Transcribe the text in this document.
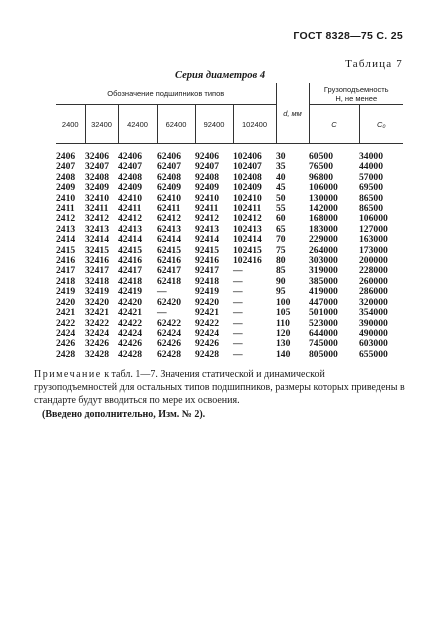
ГОСТ 8328—75 С. 25
Таблица 7
Серия диаметров 4
Обозначение подшипников типов						d, мм	Грузоподъемность
Н, не менее	

2400	32400	42400	62400	92400	102400		C	C₀
2406	32406	42406	62406	92406	102406	30	60500	34000
2407	32407	42407	62407	92407	102407	35	76500	44000
2408	32408	42408	62408	92408	102408	40	96800	57000
2409	32409	42409	62409	92409	102409	45	106000	69500
2410	32410	42410	62410	92410	102410	50	130000	86500
2411	32411	42411	62411	92411	102411	55	142000	86500
2412	32412	42412	62412	92412	102412	60	168000	106000
2413	32413	42413	62413	92413	102413	65	183000	127000
2414	32414	42414	62414	92414	102414	70	229000	163000
2415	32415	42415	62415	92415	102415	75	264000	173000
2416	32416	42416	62416	92416	102416	80	303000	200000
2417	32417	42417	62417	92417	—	85	319000	228000
2418	32418	42418	62418	92418	—	90	385000	260000
2419	32419	42419	—	92419	—	95	419000	286000
2420	32420	42420	62420	92420	—	100	447000	320000
2421	32421	42421	—	92421	—	105	501000	354000
2422	32422	42422	62422	92422	—	110	523000	390000
2424	32424	42424	62424	92424	—	120	644000	490000
2426	32426	42426	62426	92426	—	130	745000	603000
2428	32428	42428	62428	92428	—	140	805000	655000

Примечание к табл. 1—7. Значения статической и динамической грузоподъемностей для остальных типов подшипников, размеры которых приведены в стандарте будут вводиться по мере их освоения.

(Введено дополнительно, Изм. № 2).
